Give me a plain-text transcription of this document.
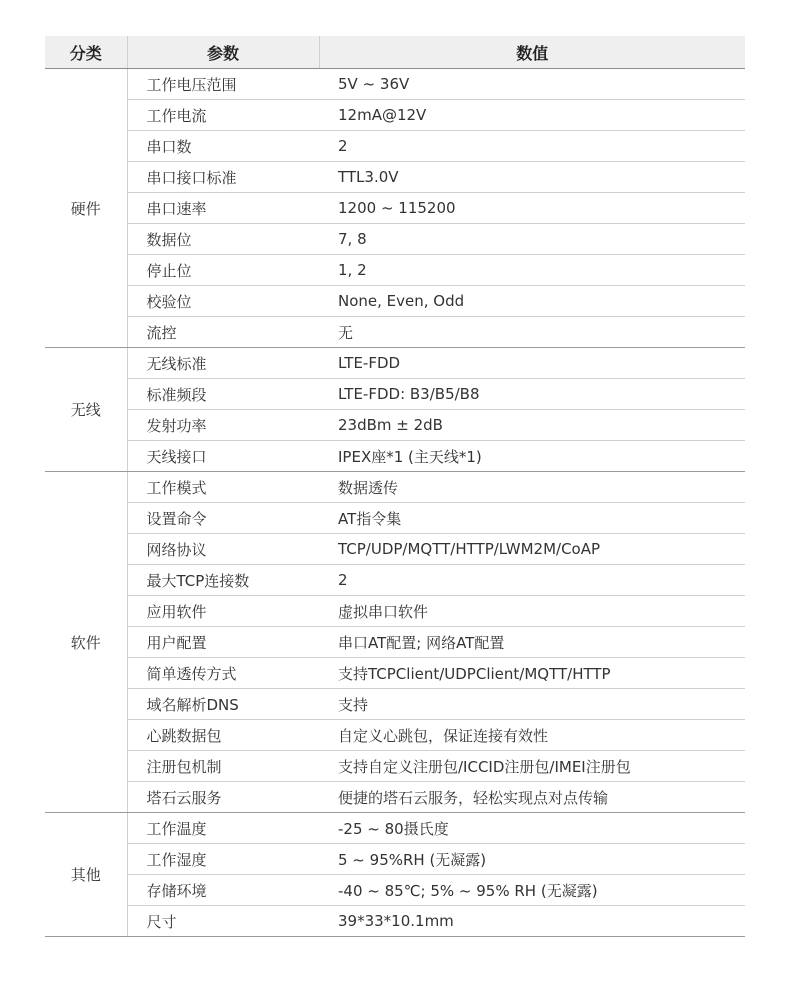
分类	参数	数值
硬件	工作电压范围	5V ~ 36V
	工作电流	12mA@12V
	串口数	2
	串口接口标准	TTL3.0V
	串口速率	1200 ~ 115200
	数据位	7, 8
	停止位	1, 2
	校验位	None, Even, Odd
	流控	无
无线	无线标准	LTE-FDD
	标准频段	LTE-FDD: B3/B5/B8
	发射功率	23dBm ± 2dB
	天线接口	IPEX座*1 (主天线*1)
软件	工作模式	数据透传
	设置命令	AT指令集
	网络协议	TCP/UDP/MQTT/HTTP/LWM2M/CoAP
	最大TCP连接数	2
	应用软件	虚拟串口软件
	用户配置	串口AT配置; 网络AT配置
	简单透传方式	支持TCPClient/UDPClient/MQTT/HTTP
	域名解析DNS	支持
	心跳数据包	自定义心跳包，保证连接有效性
	注册包机制	支持自定义注册包/ICCID注册包/IMEI注册包
	塔石云服务	便捷的塔石云服务，轻松实现点对点传输
其他	工作温度	-25 ~ 80摄氏度
	工作湿度	5 ~ 95%RH (无凝露)
	存储环境	-40 ~ 85℃; 5% ~ 95% RH (无凝露)
	尺寸	39*33*10.1mm
